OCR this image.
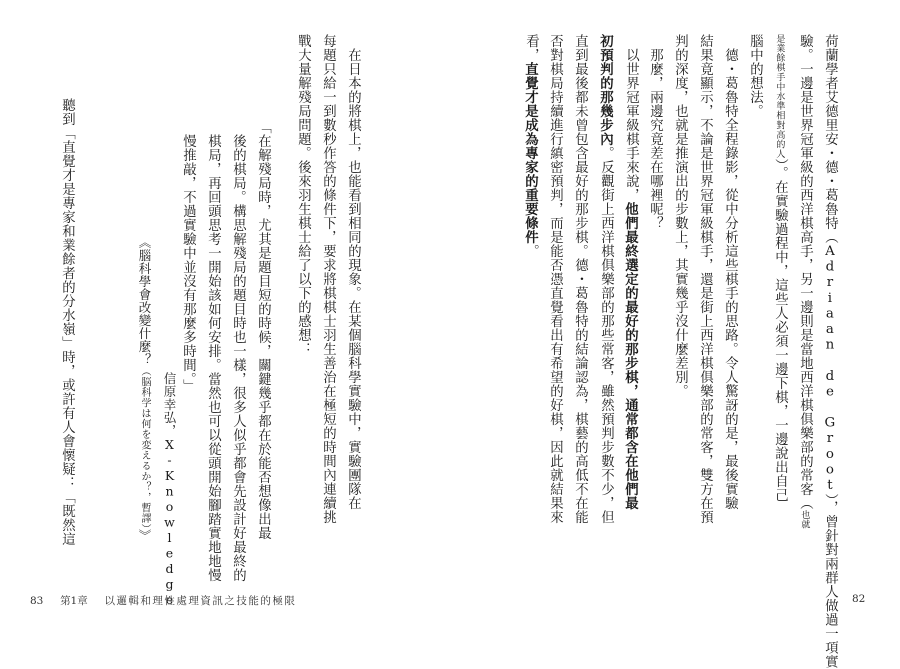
荷蘭學者艾德里安・德・葛魯特（Adriaan de Groot），曾針對兩群人做過一項實
驗。一邊是世界冠軍級的西洋棋高手，另一邊則是當地西洋棋俱樂部的常客（也就
是業餘棋手中水準相對高的人）。在實驗過程中，這些人必須一邊下棋，一邊說出自己
腦中的想法。
　德・葛魯特全程錄影，從中分析這些棋手的思路。令人驚訝的是，最後實驗
結果竟顯示，不論是世界冠軍級棋手，還是街上西洋棋俱樂部的常客，雙方在預
判的深度，也就是推演出的步數上，其實幾乎沒什麼差別。
　那麼，兩邊究竟差在哪裡呢？
　以世界冠軍級棋手來說，他們最終選定的最好的那步棋，通常都含在他們最
初預判的那幾步內。反觀街上西洋棋俱樂部的那些常客，雖然預判步數不少，但
直到最後都未曾包含最好的那步棋。德・葛魯特的結論認為，棋藝的高低不在能
否對棋局持續進行縝密預判，而是能否憑直覺看出有希望的好棋，因此就結果來
看，直覺才是成為專家的重要條件。
　在日本的將棋上，也能看到相同的現象。在某個腦科學實驗中，實驗團隊在
每題只給一到數秒作答的條件下，要求將棋棋士羽生善治在極短的時間內連續挑
戰大量解殘局問題。後來羽生棋士給了以下的感想：
「在解殘局時，尤其是題目短的時候，關鍵幾乎都在於能否想像出最
後的棋局。構思解殘局的題目時也一樣，很多人似乎都會先設計好最終的
棋局，再回頭思考一開始該如何安排。當然也可以從頭開始腳踏實地地慢
慢推敲，不過實驗中並沒有那麼多時間。」
信原幸弘，X-Knowledge
《腦科學會改變什麼？（脳科学は何を変えるか？，暫譯）》
　聽到「直覺才是專家和業餘者的分水嶺」時，或許有人會懷疑：「既然這
83 第1章 以邏輯和理性處理資訊之技能的極限	82
